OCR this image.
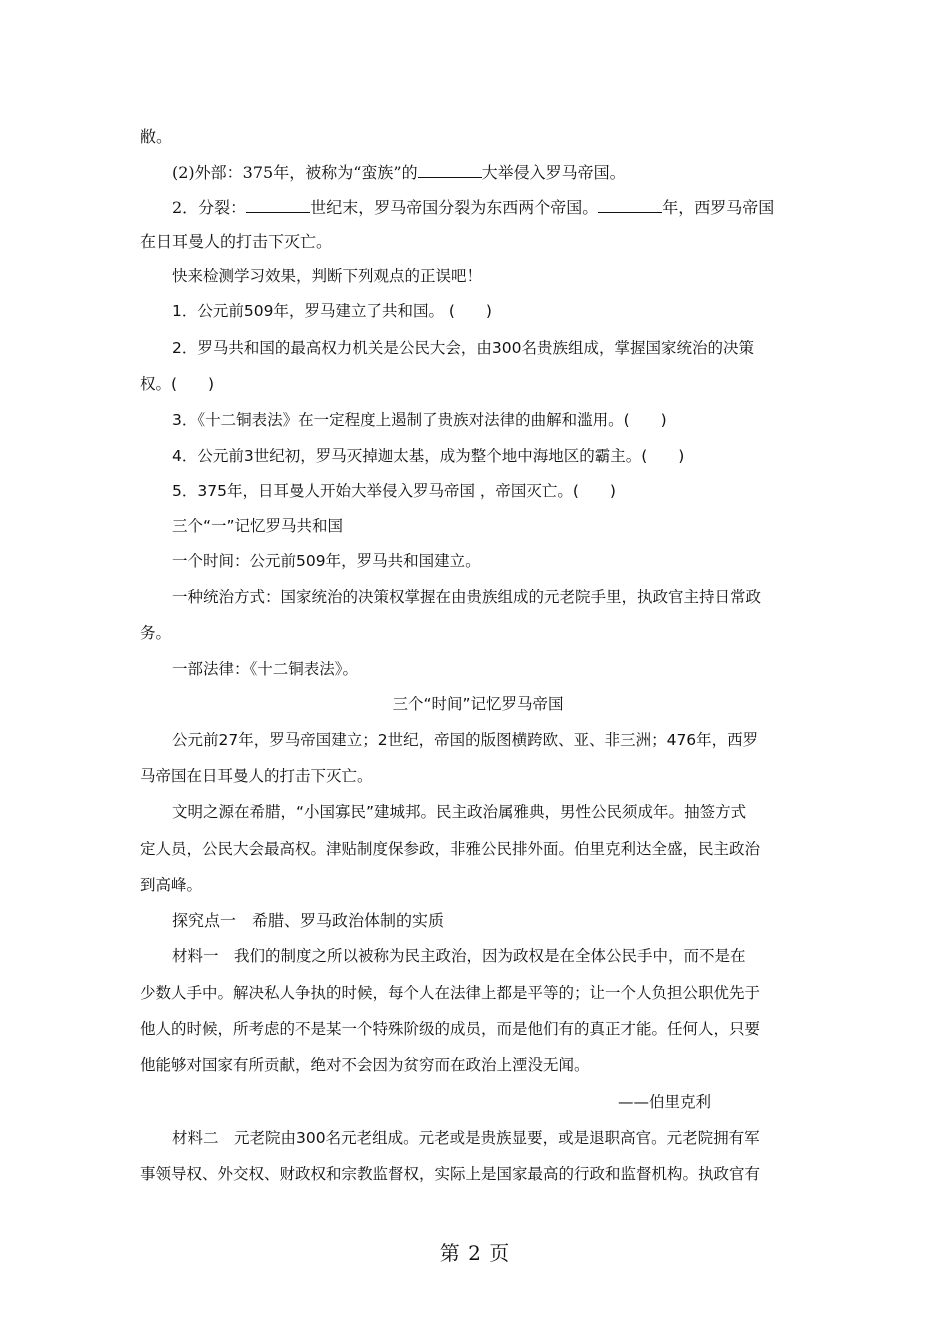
敝。
(2)外部：375年，被称为“蛮族”的	大举侵入罗马帝国。
2．分裂：	世纪末，罗马帝国分裂为东西两个帝国。	年，西罗马帝国
在日耳曼人的打击下灭亡。
快来检测学习效果，判断下列观点的正误吧！
1．公元前509年，罗马建立了共和国。 (　　)
2．罗马共和国的最高权力机关是公民大会，由300名贵族组成，掌握国家统治的决策
权。(　　)
3．《十二铜表法》在一定程度上遏制了贵族对法律的曲解和滥用。(　　)
4．公元前3世纪初，罗马灭掉迦太基，成为整个地中海地区的霸主。(　　)
5．375年，日耳曼人开始大举侵入罗马帝国 ，帝国灭亡。(　　)
三个“一”记忆罗马共和国
一个时间：公元前509年，罗马共和国建立。
一种统治方式：国家统治的决策权掌握在由贵族组成的元老院手里，执政官主持日常政
务。
一部法律：《十二铜表法》。
三个“时间”记忆罗马帝国
公元前27年，罗马帝国建立；2世纪，帝国的版图横跨欧、亚、非三洲；476年，西罗
马帝国在日耳曼人的打击下灭亡。
文明之源在希腊，“小国寡民”建城邦。民主政治属雅典，男性公民须成年。抽签方式
定人员，公民大会最高权。津贴制度保参政，非雅公民排外面。伯里克利达全盛，民主政治
到高峰。
探究点一　希腊、罗马政治体制的实质
材料一　我们的制度之所以被称为民主政治，因为政权是在全体公民手中，而不是在
少数人手中。解决私人争执的时候，每个人在法律上都是平等的；让一个人负担公职优先于
他人的时候，所考虑的不是某一个特殊阶级的成员，而是他们有的真正才能。任何人，只要
他能够对国家有所贡献，绝对不会因为贫穷而在政治上湮没无闻。
——伯里克利
材料二　元老院由300名元老组成。元老或是贵族显要，或是退职高官。元老院拥有军
事领导权、外交权、财政权和宗教监督权，实际上是国家最高的行政和监督机构。执政官有
第 2 页
